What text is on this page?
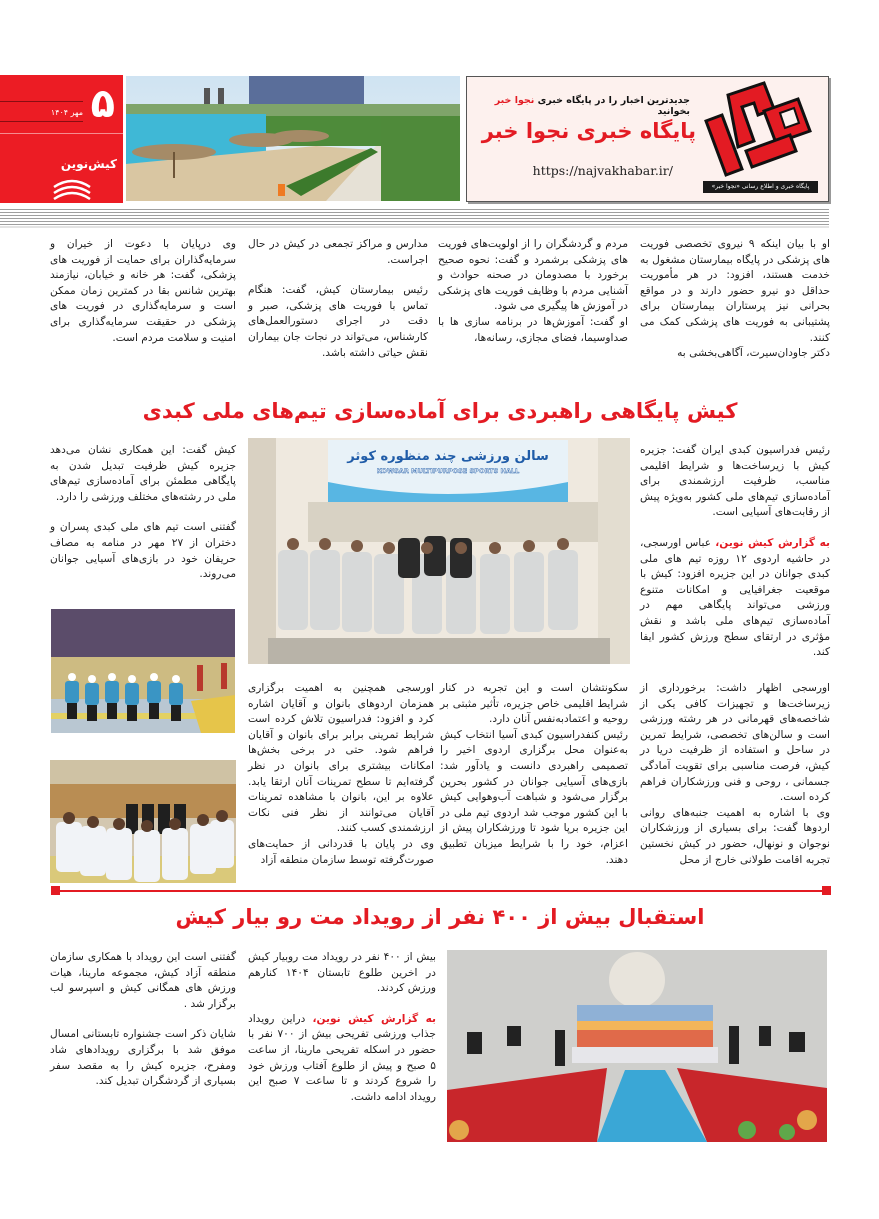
۵
مهر ۱۴۰۴
کیش‌نوین
جدیدترین اخبار را در پایگاه خبری نجوا خبر بخوانید
پایگاه خبری نجوا خبر
https://najvakhabar.ir/
پایگاه خبری و اطلاع رسانی «نجوا خبر»

او با بیان اینکه ۹ نیروی تخصصی فوریت های پزشکی در پایگاه بیمارستان مشغول به خدمت هستند، افزود: در هر مأموریت حداقل دو نیرو حضور دارند و در مواقع بحرانی نیز پرستاران بیمارستان برای پشتیبانی به فوریت های پزشکی کمک می کنند.

دکتر جاودان‌سیرت، آگاهی‌بخشی به

مردم و گردشگران را از اولویت‌های فوریت های پزشکی برشمرد و گفت: نحوه صحیح برخورد با مصدومان در صحنه حوادث و آشنایی مردم با وظایف فوریت های پزشکی در آموزش ها پیگیری می شود.

او گفت: آموزش‌ها در برنامه سازی ها با صداوسیما، فضای مجازی، رسانه‌ها،

مدارس و مراکز تجمعی در کیش در حال اجراست.

رئیس بیمارستان کیش، گفت: هنگام تماس با فوریت های پزشکی، صبر و دقت در اجرای دستورالعمل‌های کارشناس، می‌تواند در نجات جان بیماران نقش حیاتی داشته باشد.

وی درپایان با دعوت از خیران و سرمایه‌گذاران برای حمایت از فوریت های پزشکی، گفت: هر خانه و خیابان، نیازمند بهترین شانس بقا در کمترین زمان ممکن است و سرمایه‌گذاری در فوریت های پزشکی در حقیقت سرمایه‌گذاری برای امنیت و سلامت مردم است.

کیش پایگاهی راهبردی برای آماده‌سازی تیم‌های ملی کبدی

رئیس فدراسیون کبدی ایران گفت: جزیره کیش با زیرساخت‌ها و شرایط اقلیمی مناسب، ظرفیت ارزشمندی برای آماده‌سازی تیم‌های ملی کشور به‌ویژه پیش از رقابت‌های آسیایی است.

به گزارش کیش نوین، عباس اورسجی، در حاشیه اردوی ۱۲ روزه تیم های ملی کبدی جوانان در این جزیره افزود: کیش با موقعیت جغرافیایی و امکانات متنوع ورزشی می‌تواند پایگاهی مهم در آماده‌سازی تیم‌های ملی باشد و نقش مؤثری در ارتقای سطح ورزش کشور ایفا کند.

سالن ورزشی چند منظوره کوثر
KOWSAR MULTIPURPOSE SPORTS HALL

کیش گفت: این همکاری نشان می‌دهد جزیره کیش ظرفیت تبدیل شدن به پایگاهی مطمئن برای آماده‌سازی تیم‌های ملی در رشته‌های مختلف ورزشی را دارد.

گفتنی است تیم های ملی کبدی پسران و دختران از ۲۷ مهر در منامه به مصاف حریفان خود در بازی‌های آسیایی جوانان می‌روند.

اورسجی اظهار داشت: برخورداری از زیرساخت‌ها و تجهیزات کافی یکی از شاخصه‌های قهرمانی در هر رشته ورزشی است و سالن‌های تخصصی، شرایط تمرین در ساحل و استفاده از ظرفیت دریا در کیش، فرصت مناسبی برای تقویت آمادگی جسمانی ، روحی و فنی ورزشکاران فراهم کرده است.

وی با اشاره به اهمیت جنبه‌های روانی اردوها گفت: برای بسیاری از ورزشکاران نوجوان و نونهال، حضور در کیش نخستین تجربه اقامت طولانی خارج از محل

سکونتشان است و این تجربه در کنار شرایط اقلیمی خاص جزیره، تأثیر مثبتی بر روحیه و اعتمادبه‌نفس آنان دارد.

رئیس کنفدراسیون کبدی آسیا انتخاب کیش به‌عنوان محل برگزاری اردوی اخیر را تصمیمی راهبردی دانست و یادآور شد: بازی‌های آسیایی جوانان در کشور بحرین برگزار می‌شود و شباهت آب‌وهوایی کیش با این کشور موجب شد اردوی تیم ملی در این جزیره برپا شود تا ورزشکاران پیش از اعزام، خود را با شرایط میزبان تطبیق دهند.

اورسجی همچنین به اهمیت برگزاری همزمان اردوهای بانوان و آقایان اشاره کرد و افزود: فدراسیون تلاش کرده است شرایط تمرینی برابر برای بانوان و آقایان فراهم شود. حتی در برخی بخش‌ها امکانات بیشتری برای بانوان در نظر گرفته‌ایم تا سطح تمرینات آنان ارتقا یابد. علاوه بر این، بانوان با مشاهده تمرینات آقایان می‌توانند از نظر فنی نکات ارزشمندی کسب کنند.

وی در پایان با قدردانی از حمایت‌های صورت‌گرفته توسط سازمان منطقه آزاد

استقبال بیش از ۴۰۰ نفر از رویداد مت رو بیار کیش

بیش از ۴۰۰ نفر در رویداد مت روبیار کیش در اخرین طلوع تابستان ۱۴۰۴ کنارهم ورزش کردند.

به گزارش کیش نوین، دراین رویداد جذاب ورزشی تفریحی بیش از ۷۰۰ نفر با حضور در اسکله تفریحی مارینا، از ساعت ۵ صبح و پیش از طلوع آفتاب ورزش خود را شروع کردند و تا ساعت ۷ صبح این رویداد ادامه داشت.

گفتنی است این رویداد با همکاری سازمان منطقه آزاد کیش، مجموعه مارینا، هیات ورزش های همگانی کیش و اسپرسو لب برگزار شد .

شایان ذکر است جشنواره تابستانی امسال موفق شد با برگزاری رویدادهای شاد ومفرح، جزیره کیش را به مقصد سفر بسیاری از گردشگران تبدیل کند.
